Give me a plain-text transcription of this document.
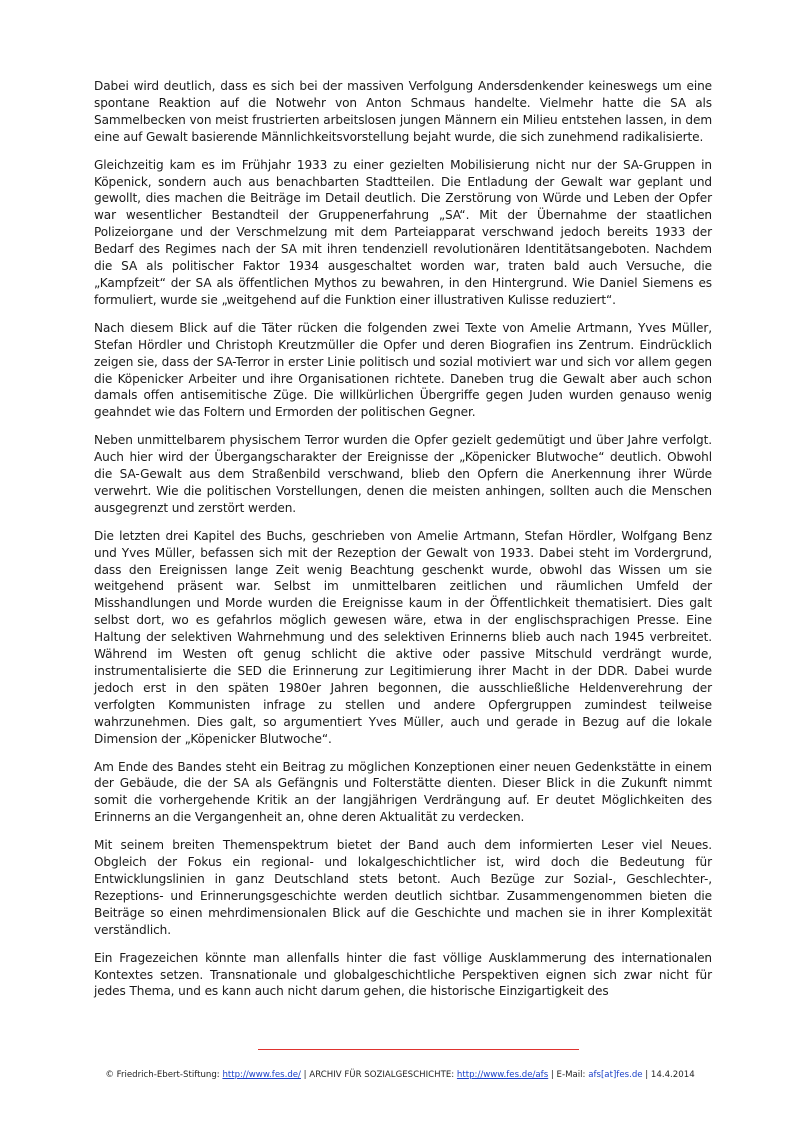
Dabei wird deutlich, dass es sich bei der massiven Verfolgung Andersdenkender keineswegs um eine spontane Reaktion auf die Notwehr von Anton Schmaus handelte. Vielmehr hatte die SA als Sammelbecken von meist frustrierten arbeitslosen jungen Männern ein Milieu entstehen lassen, in dem eine auf Gewalt basierende Männlichkeitsvorstellung bejaht wurde, die sich zunehmend radikalisierte.

Gleichzeitig kam es im Frühjahr 1933 zu einer gezielten Mobilisierung nicht nur der SA-Gruppen in Köpenick, sondern auch aus benachbarten Stadtteilen. Die Entladung der Gewalt war geplant und gewollt, dies machen die Beiträge im Detail deutlich. Die Zerstörung von Würde und Leben der Opfer war wesentlicher Bestandteil der Gruppenerfahrung „SA“. Mit der Übernahme der staatlichen Polizeiorgane und der Verschmelzung mit dem Parteiapparat verschwand jedoch bereits 1933 der Bedarf des Regimes nach der SA mit ihren tendenziell revolutionären Identitätsangeboten. Nachdem die SA als politischer Faktor 1934 ausgeschaltet worden war, traten bald auch Versuche, die „Kampfzeit“ der SA als öffentlichen Mythos zu bewahren, in den Hintergrund. Wie Daniel Siemens es formuliert, wurde sie „weitgehend auf die Funktion einer illustrativen Kulisse reduziert“.

Nach diesem Blick auf die Täter rücken die folgenden zwei Texte von Amelie Artmann, Yves Müller, Stefan Hördler und Christoph Kreutzmüller die Opfer und deren Biografien ins Zentrum. Eindrücklich zeigen sie, dass der SA-Terror in erster Linie politisch und sozial motiviert war und sich vor allem gegen die Köpenicker Arbeiter und ihre Organisationen richtete. Daneben trug die Gewalt aber auch schon damals offen antisemitische Züge. Die willkürlichen Übergriffe gegen Juden wurden genauso wenig geahndet wie das Foltern und Ermorden der politischen Gegner.

Neben unmittelbarem physischem Terror wurden die Opfer gezielt gedemütigt und über Jahre verfolgt. Auch hier wird der Übergangscharakter der Ereignisse der „Köpenicker Blutwoche“ deutlich. Obwohl die SA-Gewalt aus dem Straßenbild verschwand, blieb den Opfern die Anerkennung ihrer Würde verwehrt. Wie die politischen Vorstellungen, denen die meisten anhingen, sollten auch die Menschen ausgegrenzt und zerstört werden.

Die letzten drei Kapitel des Buchs, geschrieben von Amelie Artmann, Stefan Hördler, Wolfgang Benz und Yves Müller, befassen sich mit der Rezeption der Gewalt von 1933. Dabei steht im Vordergrund, dass den Ereignissen lange Zeit wenig Beachtung geschenkt wurde, obwohl das Wissen um sie weitgehend präsent war. Selbst im unmittelbaren zeitlichen und räumlichen Umfeld der Misshandlungen und Morde wurden die Ereignisse kaum in der Öffentlichkeit thematisiert. Dies galt selbst dort, wo es gefahrlos möglich gewesen wäre, etwa in der englischsprachigen Presse. Eine Haltung der selektiven Wahrnehmung und des selektiven Erinnerns blieb auch nach 1945 verbreitet. Während im Westen oft genug schlicht die aktive oder passive Mitschuld verdrängt wurde, instrumentalisierte die SED die Erinnerung zur Legitimierung ihrer Macht in der DDR. Dabei wurde jedoch erst in den späten 1980er Jahren begonnen, die ausschließliche Heldenverehrung der verfolgten Kommunisten infrage zu stellen und andere Opfergruppen zumindest teilweise wahrzunehmen. Dies galt, so argumentiert Yves Müller, auch und gerade in Bezug auf die lokale Dimension der „Köpenicker Blutwoche“.

Am Ende des Bandes steht ein Beitrag zu möglichen Konzeptionen einer neuen Gedenkstätte in einem der Gebäude, die der SA als Gefängnis und Folterstätte dienten. Dieser Blick in die Zukunft nimmt somit die vorhergehende Kritik an der langjährigen Verdrängung auf. Er deutet Möglichkeiten des Erinnerns an die Vergangenheit an, ohne deren Aktualität zu verdecken.

Mit seinem breiten Themenspektrum bietet der Band auch dem informierten Leser viel Neues. Obgleich der Fokus ein regional- und lokalgeschichtlicher ist, wird doch die Bedeutung für Entwicklungslinien in ganz Deutschland stets betont. Auch Bezüge zur Sozial-, Geschlechter-, Rezeptions- und Erinnerungsgeschichte werden deutlich sichtbar. Zusammengenommen bieten die Beiträge so einen mehrdimensionalen Blick auf die Geschichte und machen sie in ihrer Komplexität verständlich.

Ein Fragezeichen könnte man allenfalls hinter die fast völlige Ausklammerung des internationalen Kontextes setzen. Transnationale und globalgeschichtliche Perspektiven eignen sich zwar nicht für jedes Thema, und es kann auch nicht darum gehen, die historische Einzigartigkeit des

© Friedrich-Ebert-Stiftung: http://www.fes.de/ | ARCHIV FÜR SOZIALGESCHICHTE: http://www.fes.de/afs | E-Mail: afs[at]fes.de | 14.4.2014
